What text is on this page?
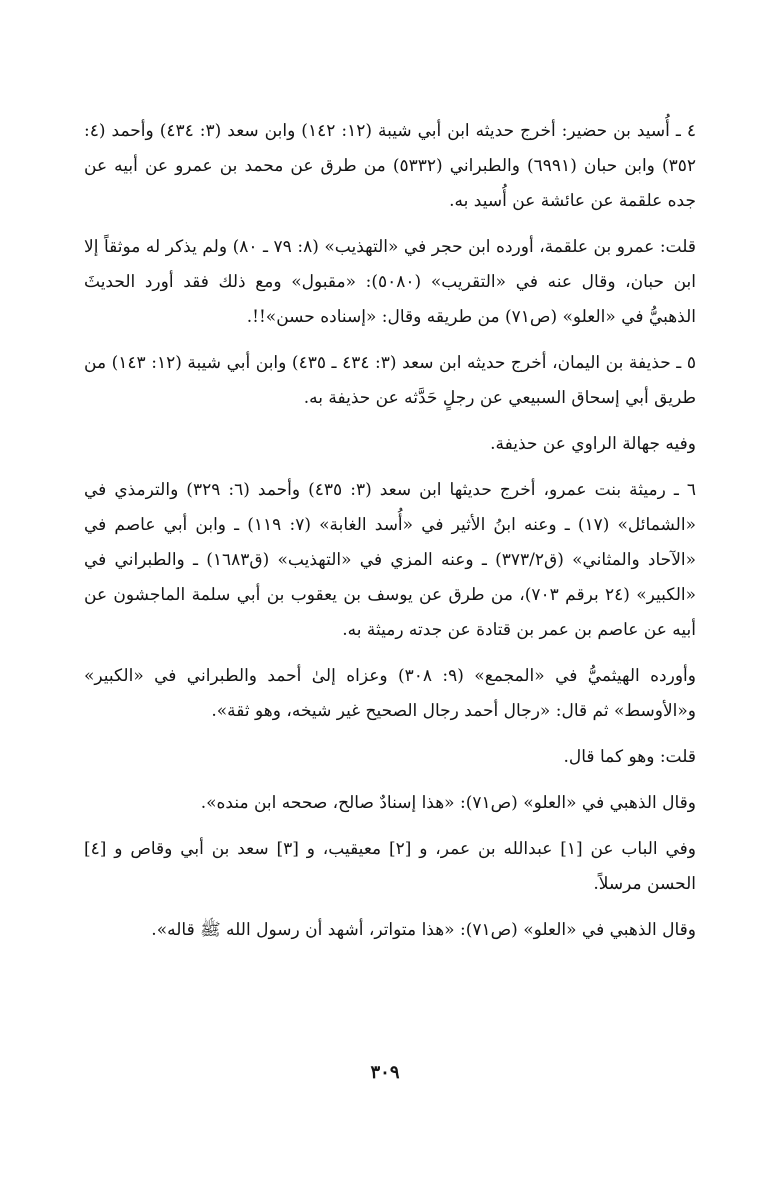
٤ ـ أُسيد بن حضير: أخرج حديثه ابن أبي شيبة (١٢: ١٤٢) وابن سعد (٣: ٤٣٤) وأحمد (٤: ٣٥٢) وابن حبان (٦٩٩١) والطبراني (٥٣٣٢) من طرق عن محمد بن عمرو عن أبيه عن جده علقمة عن عائشة عن أُسيد به.

قلت: عمرو بن علقمة، أورده ابن حجر في «التهذيب» (٨: ٧٩ ـ ٨٠) ولم يذكر له موثقاً إلا ابن حبان، وقال عنه في «التقريب» (٥٠٨٠): «مقبول» ومع ذلك فقد أورد الحديثَ الذهبيُّ في «العلو» (ص٧١) من طريقه وقال: «إسناده حسن»!!.

٥ ـ حذيفة بن اليمان، أخرج حديثه ابن سعد (٣: ٤٣٤ ـ ٤٣٥) وابن أبي شيبة (١٢: ١٤٣) من طريق أبي إسحاق السبيعي عن رجلٍ حَدَّثه عن حذيفة به.

وفيه جهالة الراوي عن حذيفة.

٦ ـ رميثة بنت عمرو، أخرج حديثها ابن سعد (٣: ٤٣٥) وأحمد (٦: ٣٢٩) والترمذي في «الشمائل» (١٧) ـ وعنه ابنُ الأثير في «أُسد الغابة» (٧: ١١٩) ـ وابن أبي عاصم في «الآحاد والمثاني» (ق٣٧٣/٢) ـ وعنه المزي في «التهذيب» (ق١٦٨٣) ـ والطبراني في «الكبير» (٢٤ برقم ٧٠٣)، من طرق عن يوسف بن يعقوب بن أبي سلمة الماجشون عن أبيه عن عاصم بن عمر بن قتادة عن جدته رميثة به.

وأورده الهيثميُّ في «المجمع» (٩: ٣٠٨) وعزاه إلىٰ أحمد والطبراني في «الكبير» و«الأوسط» ثم قال: «رجال أحمد رجال الصحيح غير شيخه، وهو ثقة».

قلت: وهو كما قال.

وقال الذهبي في «العلو» (ص٧١): «هذا إسنادٌ صالح، صححه ابن منده».

وفي الباب عن [١] عبدالله بن عمر، و [٢] معيقيب، و [٣] سعد بن أبي وقاص و [٤] الحسن مرسلاً.

وقال الذهبي في «العلو» (ص٧١): «هذا متواتر، أشهد أن رسول الله ﷺ قاله».

٣٠٩
